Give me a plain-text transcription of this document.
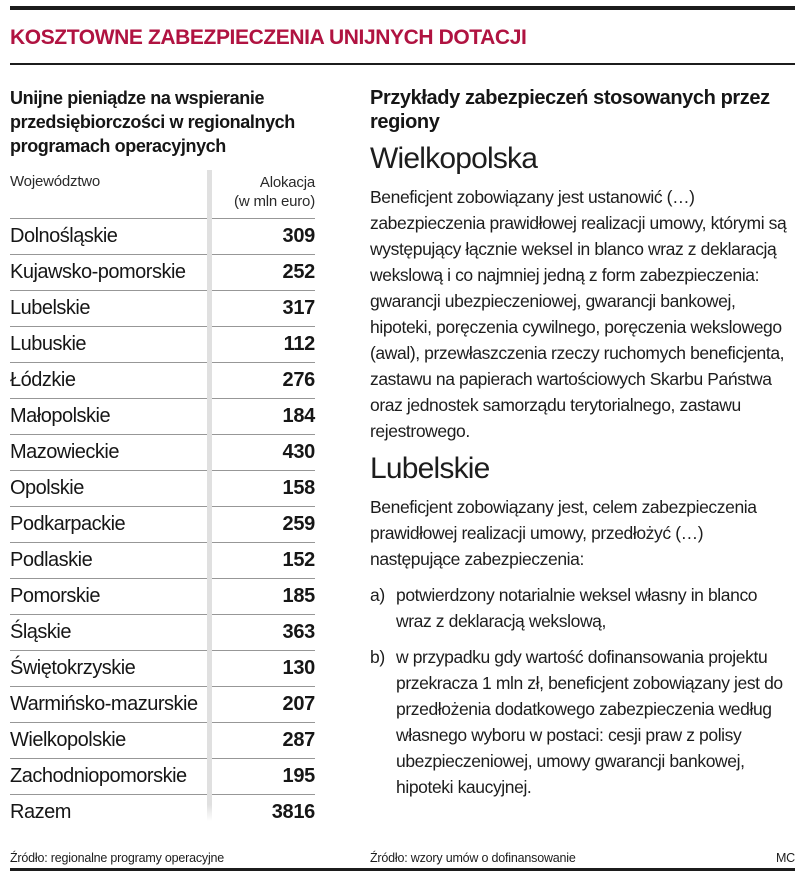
KOSZTOWNE ZABEZPIECZENIA UNIJNYCH DOTACJI
Unijne pieniądze na wspieranie przedsiębiorczości w regionalnych programach operacyjnych
Województwo	Alokacja
(w mln euro)
Dolnośląskie	309
Kujawsko-pomorskie	252
Lubelskie	317
Lubuskie	112
Łódzkie	276
Małopolskie	184
Mazowieckie	430
Opolskie	158
Podkarpackie	259
Podlaskie	152
Pomorskie	185
Śląskie	363
Świętokrzyskie	130
Warmińsko-mazurskie	207
Wielkopolskie	287
Zachodniopomorskie	195
Razem	3816
Przykłady zabezpieczeń stosowanych przez regiony
Wielkopolska
Beneficjent zobowiązany jest ustanowić (…) zabezpieczenia prawidłowej realizacji umowy, którymi są występujący łącznie weksel in blanco wraz z deklaracją wekslową i co najmniej jedną z form zabezpieczenia: gwarancji ubezpieczeniowej, gwarancji bankowej, hipoteki, poręczenia cywilnego, poręczenia wekslowego (awal), przewłaszczenia rzeczy ruchomych beneficjenta, zastawu na papierach wartościowych Skarbu Państwa oraz jednostek samorządu terytorialnego, zastawu rejestrowego.
Lubelskie
Beneficjent zobowiązany jest, celem zabezpieczenia prawidłowej realizacji umowy, przedłożyć (…) następujące zabezpieczenia:
a) potwierdzony notarialnie weksel własny in blanco wraz z deklaracją wekslową,
b) w przypadku gdy wartość dofinansowania projektu przekracza 1 mln zł, beneficjent zobowiązany jest do przedłożenia dodatkowego zabezpieczenia według własnego wyboru w postaci: cesji praw z polisy ubezpieczeniowej, umowy gwarancji bankowej, hipoteki kaucyjnej.
Źródło: regionalne programy operacyjne	Źródło: wzory umów o dofinansowanie	MC
